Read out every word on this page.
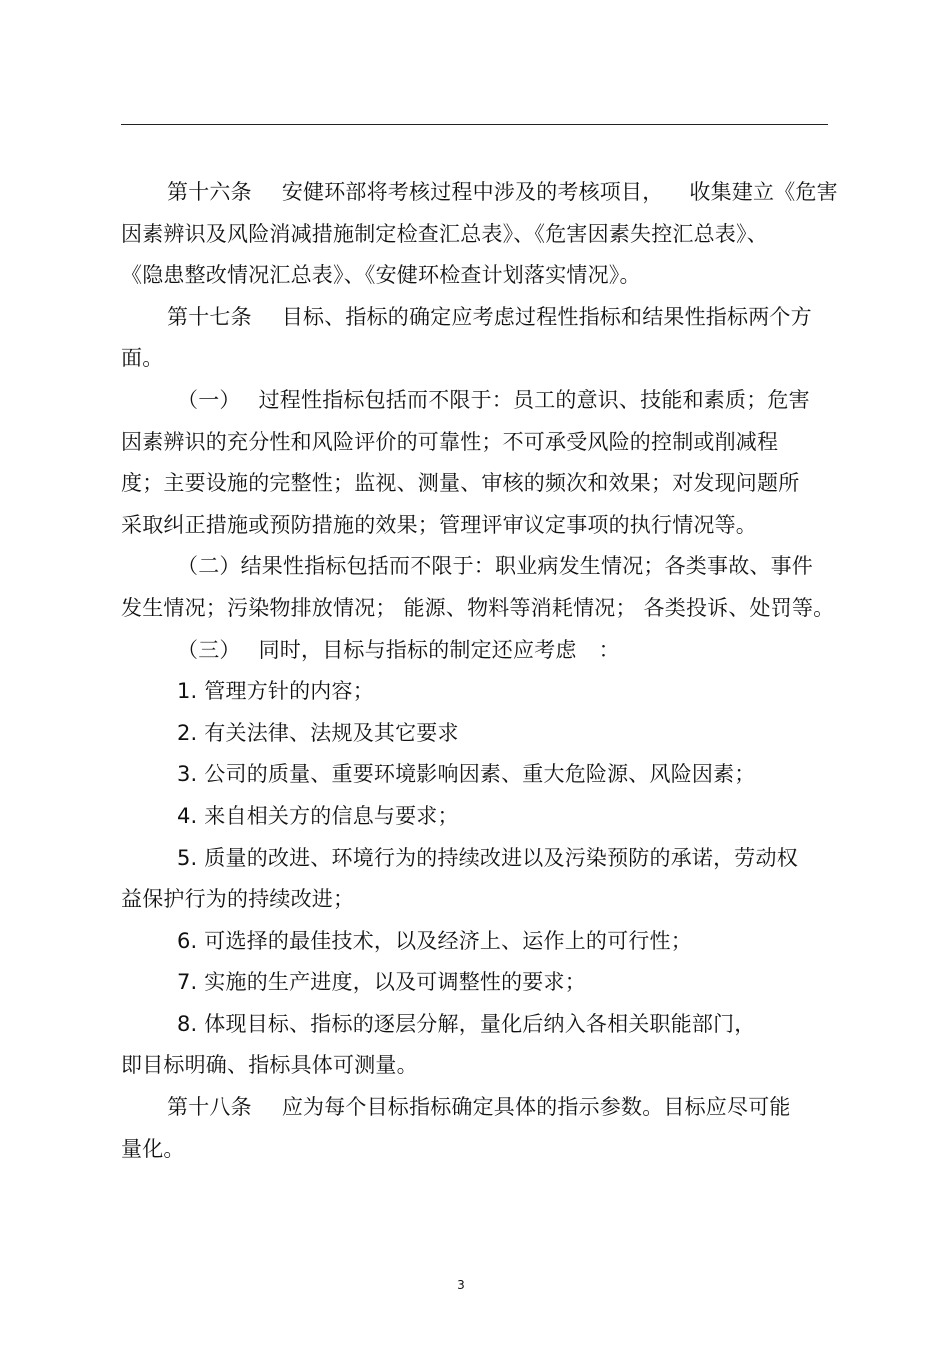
第十六条 安健环部将考核过程中涉及的考核项目， 收集建立《危害
因素辨识及风险消减措施制定检查汇总表》、《危害因素失控汇总表》、
《隐患整改情况汇总表》、《安健环检查计划落实情况》。
第十七条 目标、指标的确定应考虑过程性指标和结果性指标两个方
面。
（一） 过程性指标包括而不限于：员工的意识、技能和素质；危害
因素辨识的充分性和风险评价的可靠性；不可承受风险的控制或削减程
度；主要设施的完整性；监视、测量、审核的频次和效果；对发现问题所
采取纠正措施或预防措施的效果；管理评审议定事项的执行情况等。
（二）结果性指标包括而不限于：职业病发生情况；各类事故、事件
发生情况；污染物排放情况； 能源、物料等消耗情况； 各类投诉、处罚等。
（三） 同时，目标与指标的制定还应考虑 ：
1. 管理方针的内容；
2. 有关法律、法规及其它要求
3. 公司的质量、重要环境影响因素、重大危险源、风险因素；
4. 来自相关方的信息与要求；
5. 质量的改进、环境行为的持续改进以及污染预防的承诺，劳动权
益保护行为的持续改进；
6. 可选择的最佳技术，以及经济上、运作上的可行性；
7. 实施的生产进度，以及可调整性的要求；
8. 体现目标、指标的逐层分解，量化后纳入各相关职能部门，
即目标明确、指标具体可测量。
第十八条 应为每个目标指标确定具体的指示参数。目标应尽可能
量化。
3
